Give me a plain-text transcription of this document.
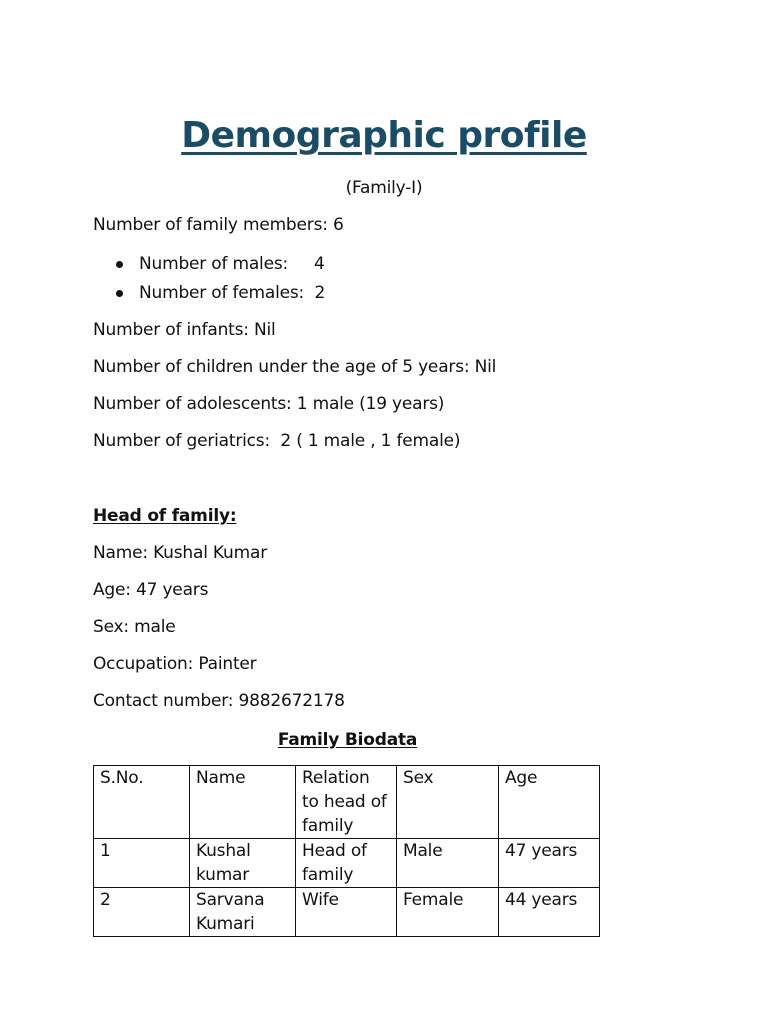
Demographic profile
(Family-I)
Number of family members: 6

Number of males:     4

Number of females:  2

Number of infants: Nil
Number of children under the age of 5 years: Nil
Number of adolescents: 1 male (19 years)
Number of geriatrics:  2 ( 1 male , 1 female)
Head of family:
Name: Kushal Kumar
Age: 47 years
Sex: male
Occupation: Painter
Contact number: 9882672178
Family Biodata
S.No.	Name	Relation to head of family	Sex	Age
1	Kushal kumar	Head of family	Male	47 years
2	Sarvana Kumari	Wife	Female	44 years
